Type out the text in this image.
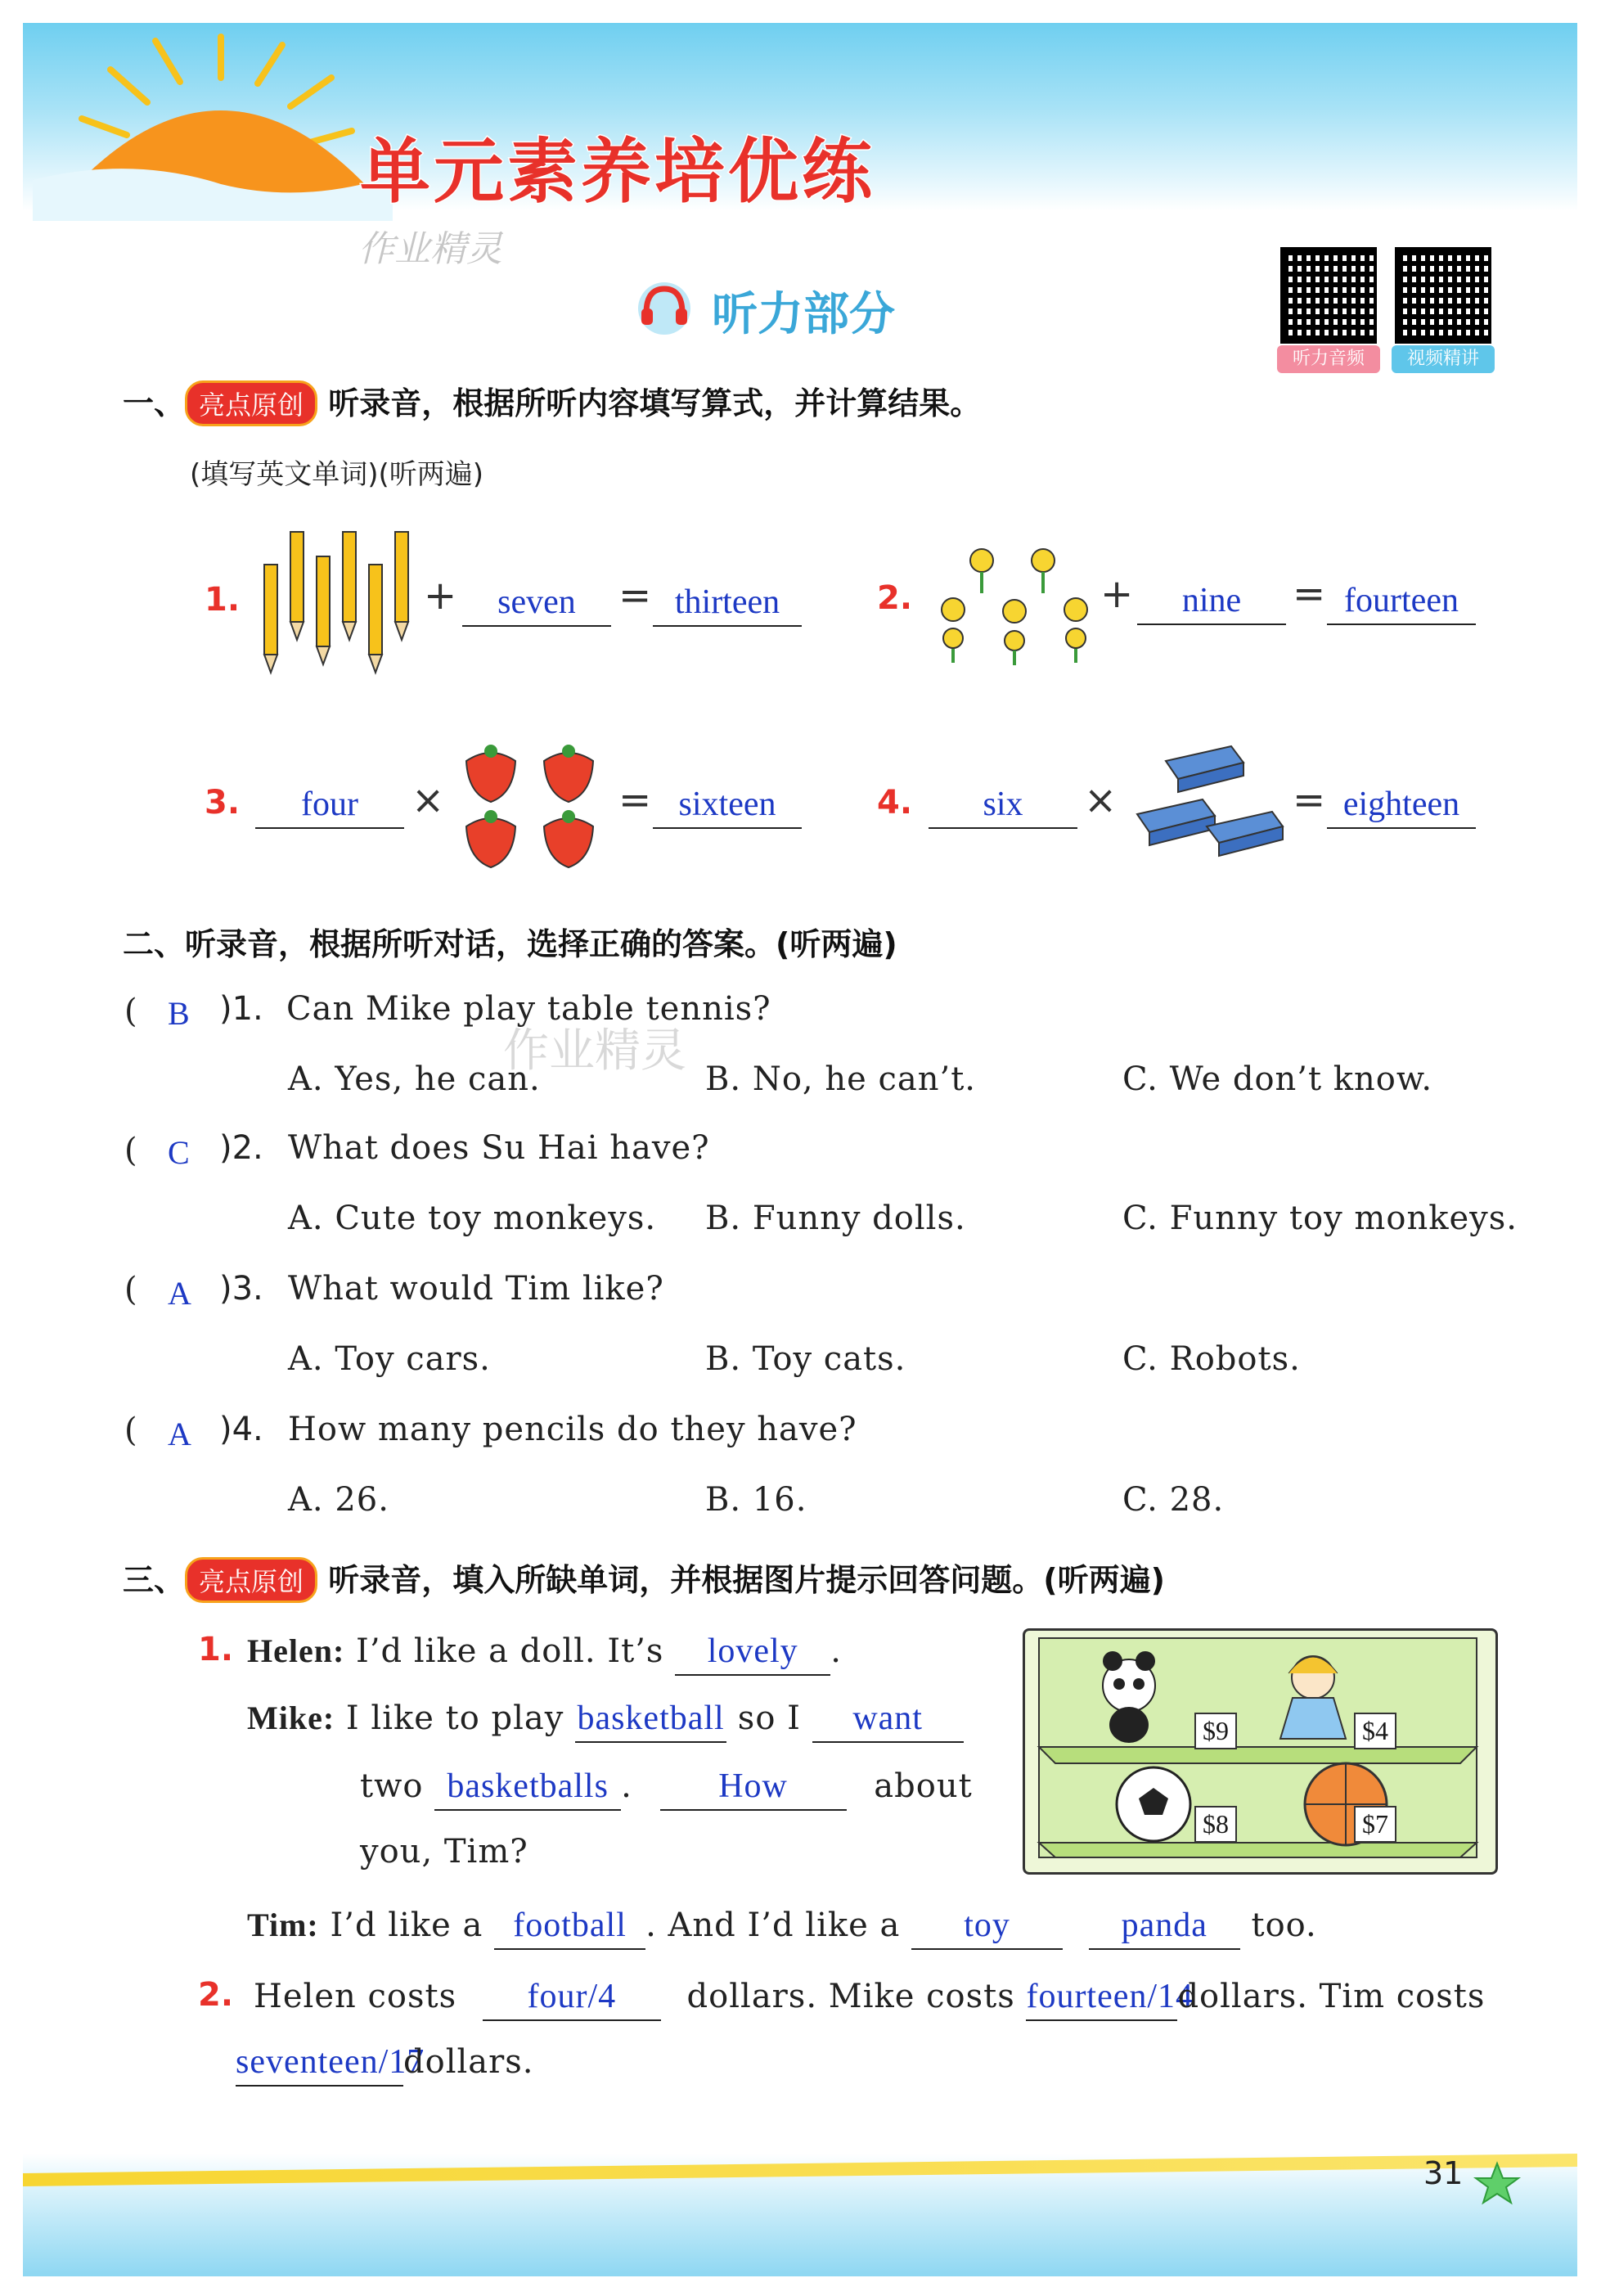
单元素养培优练
作业精灵
听力部分
听力音频	视频精讲
一、 亮点原创 听录音，根据所听内容填写算式，并计算结果。
(填写英文单词)(听两遍)
1.	+	seven	= thirteen	2.	+	nine	= fourteen
3.	four	×	= sixteen	4.	six	×	= eighteen
二、听录音，根据所听对话，选择正确的答案。(听两遍)
作业精灵
( B )1. Can Mike play table tennis?
A. Yes, he can.	B. No, he can’t.	C. We don’t know.
( C )2. What does Su Hai have?
A. Cute toy monkeys. B. Funny dolls.	C. Funny toy monkeys.
( A )3. What would Tim like?
A. Toy cars.	B. Toy cats.	C. Robots.
( A )4. How many pencils do they have?
A. 26.	B. 16.	C. 28.
三、 亮点原创 听录音，填入所缺单词，并根据图片提示回答问题。(听两遍)
1. Helen: I’d like a doll. It’s lovely .
Mike: I like to play basketball so I want
two basketballs .	How	about
you, Tim?
Tim: I’d like a football . And I’d like a toy	panda too.
$9	$4
$8	$7
2. Helen costs four/4 dollars. Mike costs fourteen/14dollars. Tim costs
seventeen/17dollars.
31
